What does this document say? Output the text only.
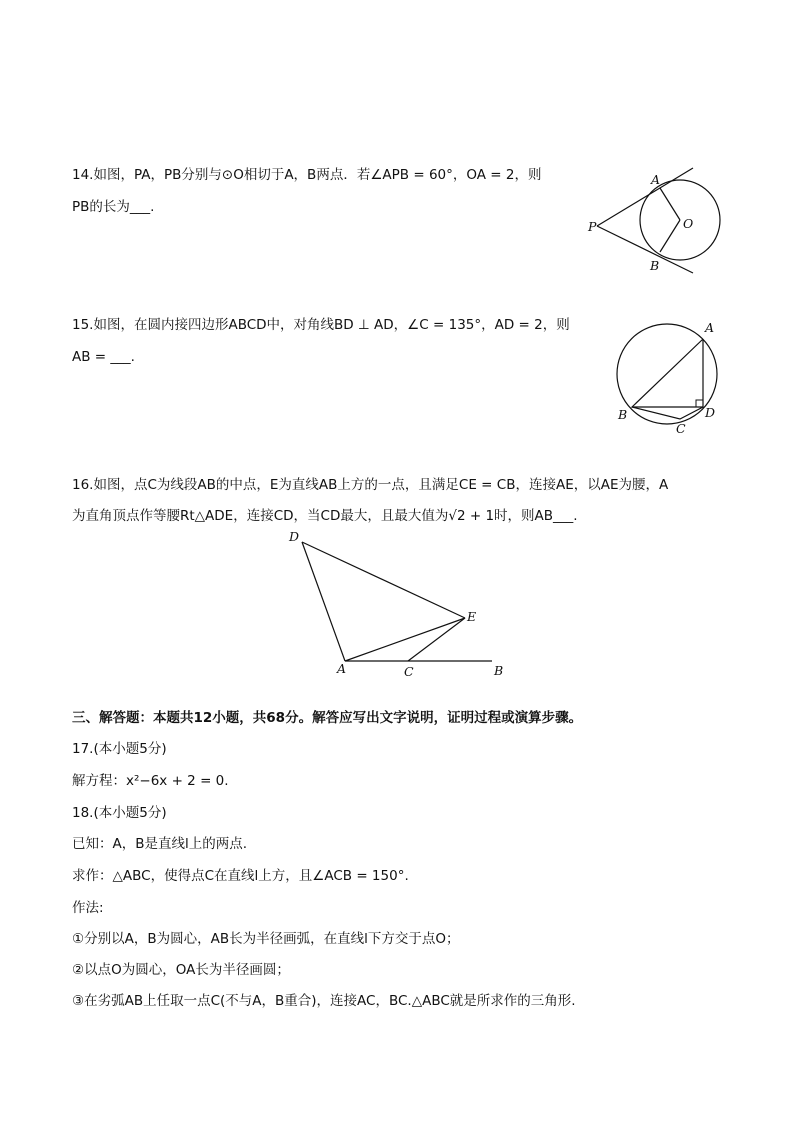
14.如图，PA，PB分别与⊙O相切于A，B两点．若∠APB = 60°，OA = 2，则
PB的长为___.
A
O
P
B
15.如图，在圆内接四边形ABCD中，对角线BD ⊥ AD，∠C = 135°，AD = 2，则
AB = ___.
A
B
C
D
16.如图，点C为线段AB的中点，E为直线AB上方的一点，且满足CE = CB，连接AE，以AE为腰，A
为直角顶点作等腰Rt△ADE，连接CD，当CD最大，且最大值为√2 + 1时，则AB___.
D
E
A	C	B
三、解答题：本题共12小题，共68分。解答应写出文字说明，证明过程或演算步骤。
17.(本小题5分)
解方程：x²−6x + 2 = 0.
18.(本小题5分)
已知：A，B是直线l上的两点.
求作：△ABC，使得点C在直线l上方，且∠ACB = 150°.
作法:
①分别以A，B为圆心，AB长为半径画弧，在直线l下方交于点O；
②以点O为圆心，OA长为半径画圆；
③在劣弧AB上任取一点C(不与A，B重合)，连接AC，BC.△ABC就是所求作的三角形.
